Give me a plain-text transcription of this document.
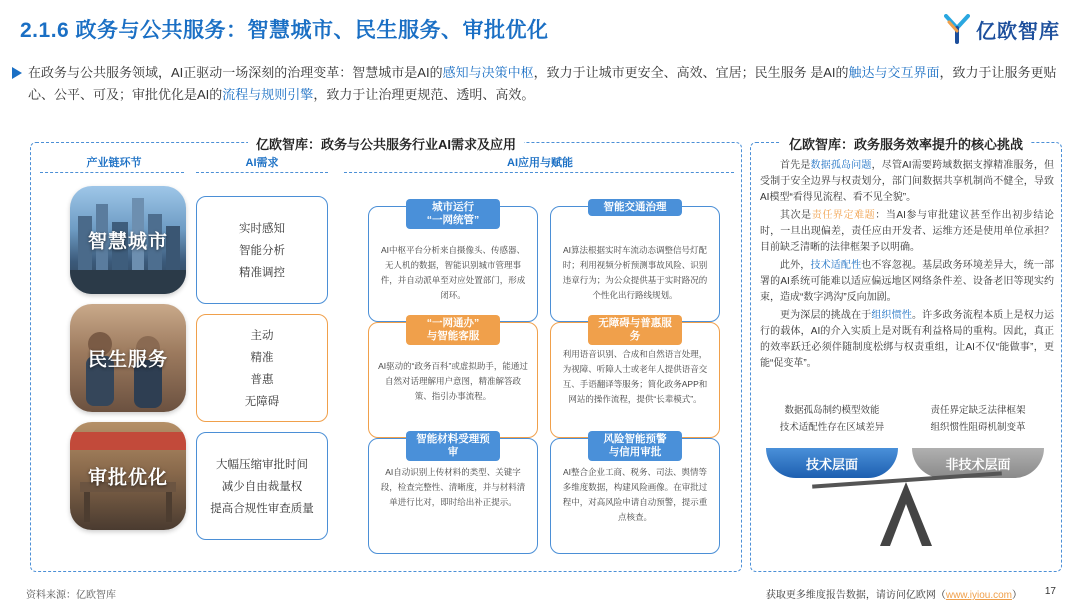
2.1.6 政务与公共服务：智慧城市、民生服务、审批优化	亿欧智库
在政务与公共服务领域，AI正驱动一场深刻的治理变革：智慧城市是AI的感知与决策中枢，致力于让城市更安全、高效、宜居；民生服务 是AI的触达与交互界面，致力于让服务更贴心、公平、可及；审批优化是AI的流程与规则引擎，致力于让治理更规范、透明、高效。
亿欧智库：政务与公共服务行业AI需求及应用
产业链环节	AI需求	AI应用与赋能
智慧城市
实时感知
智能分析
精准调控
城市运行
“一网统管”
AI中枢平台分析来自摄像头、传感器、无人机的数据，智能识别城市管理事件，并自动派单至对应处置部门，形成闭环。
智能交通治理
AI算法根据实时车流动态调整信号灯配时；利用视频分析预测事故风险、识别违章行为；为公众提供基于实时路况的个性化出行路线规划。
民生服务
主动
精准
普惠
无障碍
“一网通办”
与智能客服
AI驱动的“政务百科”或虚拟助手，能通过自然对话理解用户意图，精准解答政策、指引办事流程。
无障碍与普惠服务
利用语音识别、合成和自然语言处理，为视障、听障人士或老年人提供语音交互、手语翻译等服务；简化政务APP和网站的操作流程，提供“长辈模式”。
审批优化
大幅压缩审批时间
减少自由裁量权
提高合规性审查质量
智能材料受理预审
AI自动识别上传材料的类型、关键字段，检查完整性、清晰度，并与材料清单进行比对，即时给出补正提示。
风险智能预警
与信用审批
AI整合企业工商、税务、司法、舆情等多维度数据，构建风险画像。在审批过程中，对高风险申请自动预警，提示重点核查。
亿欧智库：政务服务效率提升的核心挑战

首先是数据孤岛问题，尽管AI需要跨域数据支撑精准服务，但受制于安全边界与权责划分，部门间数据共享机制尚不健全，导致AI模型“看得见流程、看不见全貌”。

其次是责任界定难题：当AI参与审批建议甚至作出初步结论时，一旦出现偏差，责任应由开发者、运维方还是使用单位承担？目前缺乏清晰的法律框架予以明确。

此外，技术适配性也不容忽视。基层政务环境差异大，统一部署的AI系统可能难以适应偏远地区网络条件差、设备老旧等现实约束，造成“数字鸿沟”反向加剧。

更为深层的挑战在于组织惯性。许多政务流程本质上是权力运行的载体，AI的介入实质上是对既有利益格局的重构。因此，真正的效率跃迁必须伴随制度松绑与权责重组，让AI不仅“能做事”，更能“促变革”。

数据孤岛制约模型效能
技术适配性存在区域差异
责任界定缺乏法律框架
组织惯性阻碍机制变革
技术层面	非技术层面
资料来源：亿欧智库	获取更多维度报告数据，请访问亿欧网（www.iyiou.com） 17
